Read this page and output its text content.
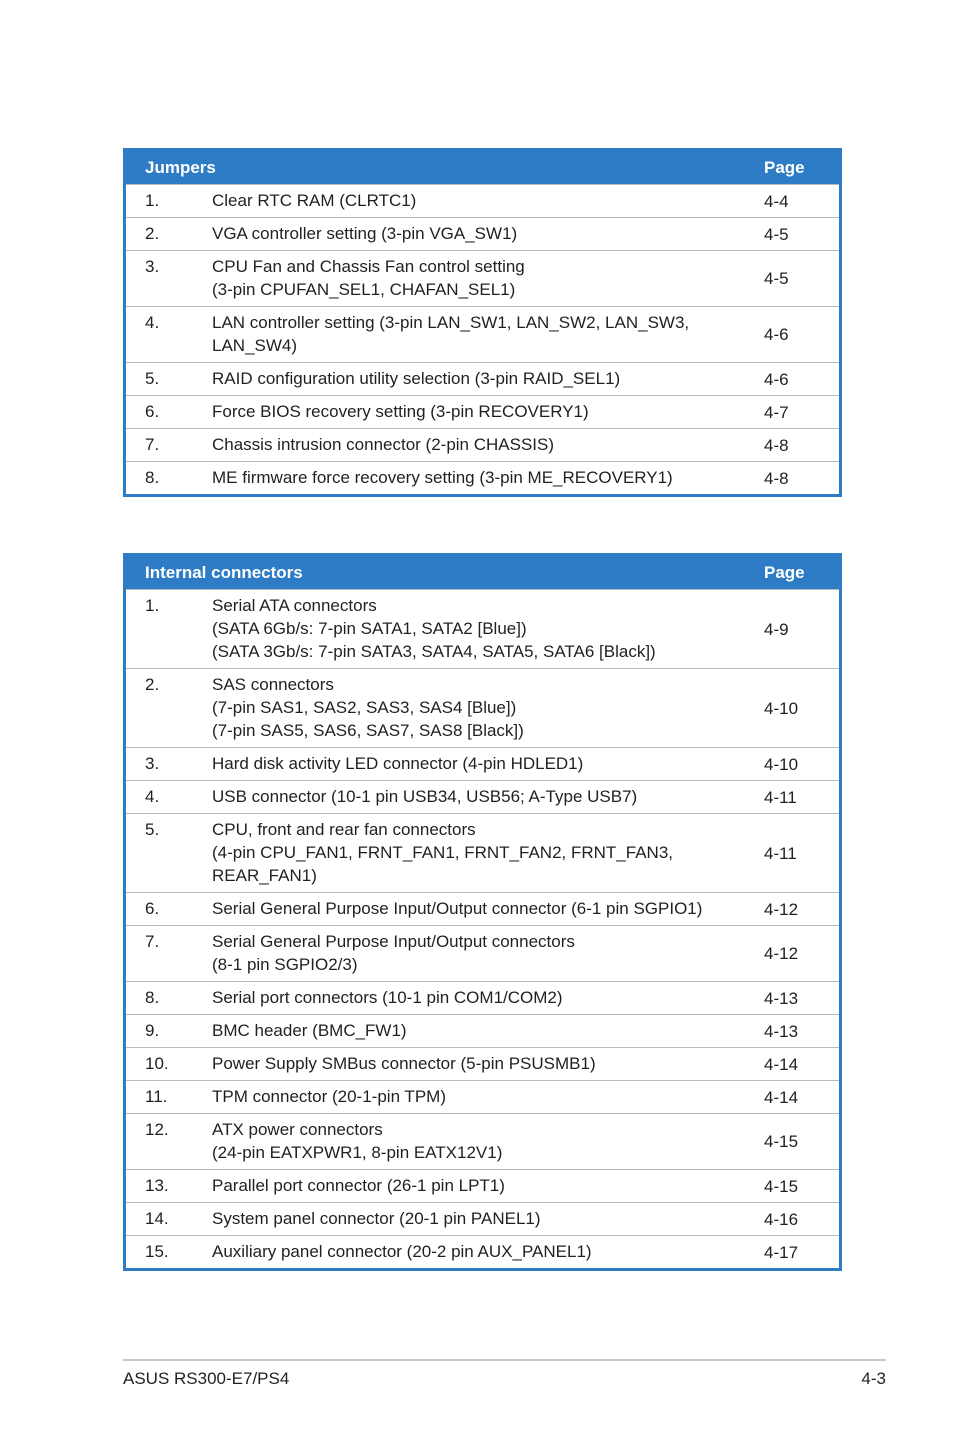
Jumpers	Page
1.	Clear RTC RAM (CLRTC1)	4-4
2.	VGA controller setting (3-pin VGA_SW1)	4-5
3.	CPU Fan and Chassis Fan control setting
(3-pin CPUFAN_SEL1, CHAFAN_SEL1)
4-5
4.	LAN controller setting (3-pin LAN_SW1, LAN_SW2, LAN_SW3,
LAN_SW4)
4-6
5.	RAID configuration utility selection (3-pin RAID_SEL1)	4-6
6.	Force BIOS recovery setting (3-pin RECOVERY1)	4-7
7.	Chassis intrusion connector (2-pin CHASSIS)	4-8
8.	ME firmware force recovery setting (3-pin ME_RECOVERY1)	4-8
Internal connectors	Page
1.	Serial ATA connectors
(SATA 6Gb/s: 7-pin SATA1, SATA2 [Blue])
(SATA 3Gb/s: 7-pin SATA3, SATA4, SATA5, SATA6 [Black])
4-9
2.	SAS connectors
(7-pin SAS1, SAS2, SAS3, SAS4 [Blue])
(7-pin SAS5, SAS6, SAS7, SAS8 [Black])
4-10
3.	Hard disk activity LED connector (4-pin HDLED1)	4-10
4.	USB connector (10-1 pin USB34, USB56; A-Type USB7)	4-11
5.	CPU, front and rear fan connectors
(4-pin CPU_FAN1, FRNT_FAN1, FRNT_FAN2, FRNT_FAN3,
REAR_FAN1)
4-11
6.	Serial General Purpose Input/Output connector (6-1 pin SGPIO1)	4-12
7.	Serial General Purpose Input/Output connectors
(8-1 pin SGPIO2/3)
4-12
8.	Serial port connectors (10-1 pin COM1/COM2)	4-13
9.	BMC header (BMC_FW1)	4-13
10.	Power Supply SMBus connector (5-pin PSUSMB1)	4-14
11.	TPM connector (20-1-pin TPM)	4-14
12.	ATX power connectors
(24-pin EATXPWR1, 8-pin EATX12V1)
4-15
13.	Parallel port connector (26-1 pin LPT1)	4-15
14.	System panel connector (20-1 pin PANEL1)	4-16
15.	Auxiliary panel connector (20-2 pin AUX_PANEL1)	4-17
ASUS RS300-E7/PS4	4-3
